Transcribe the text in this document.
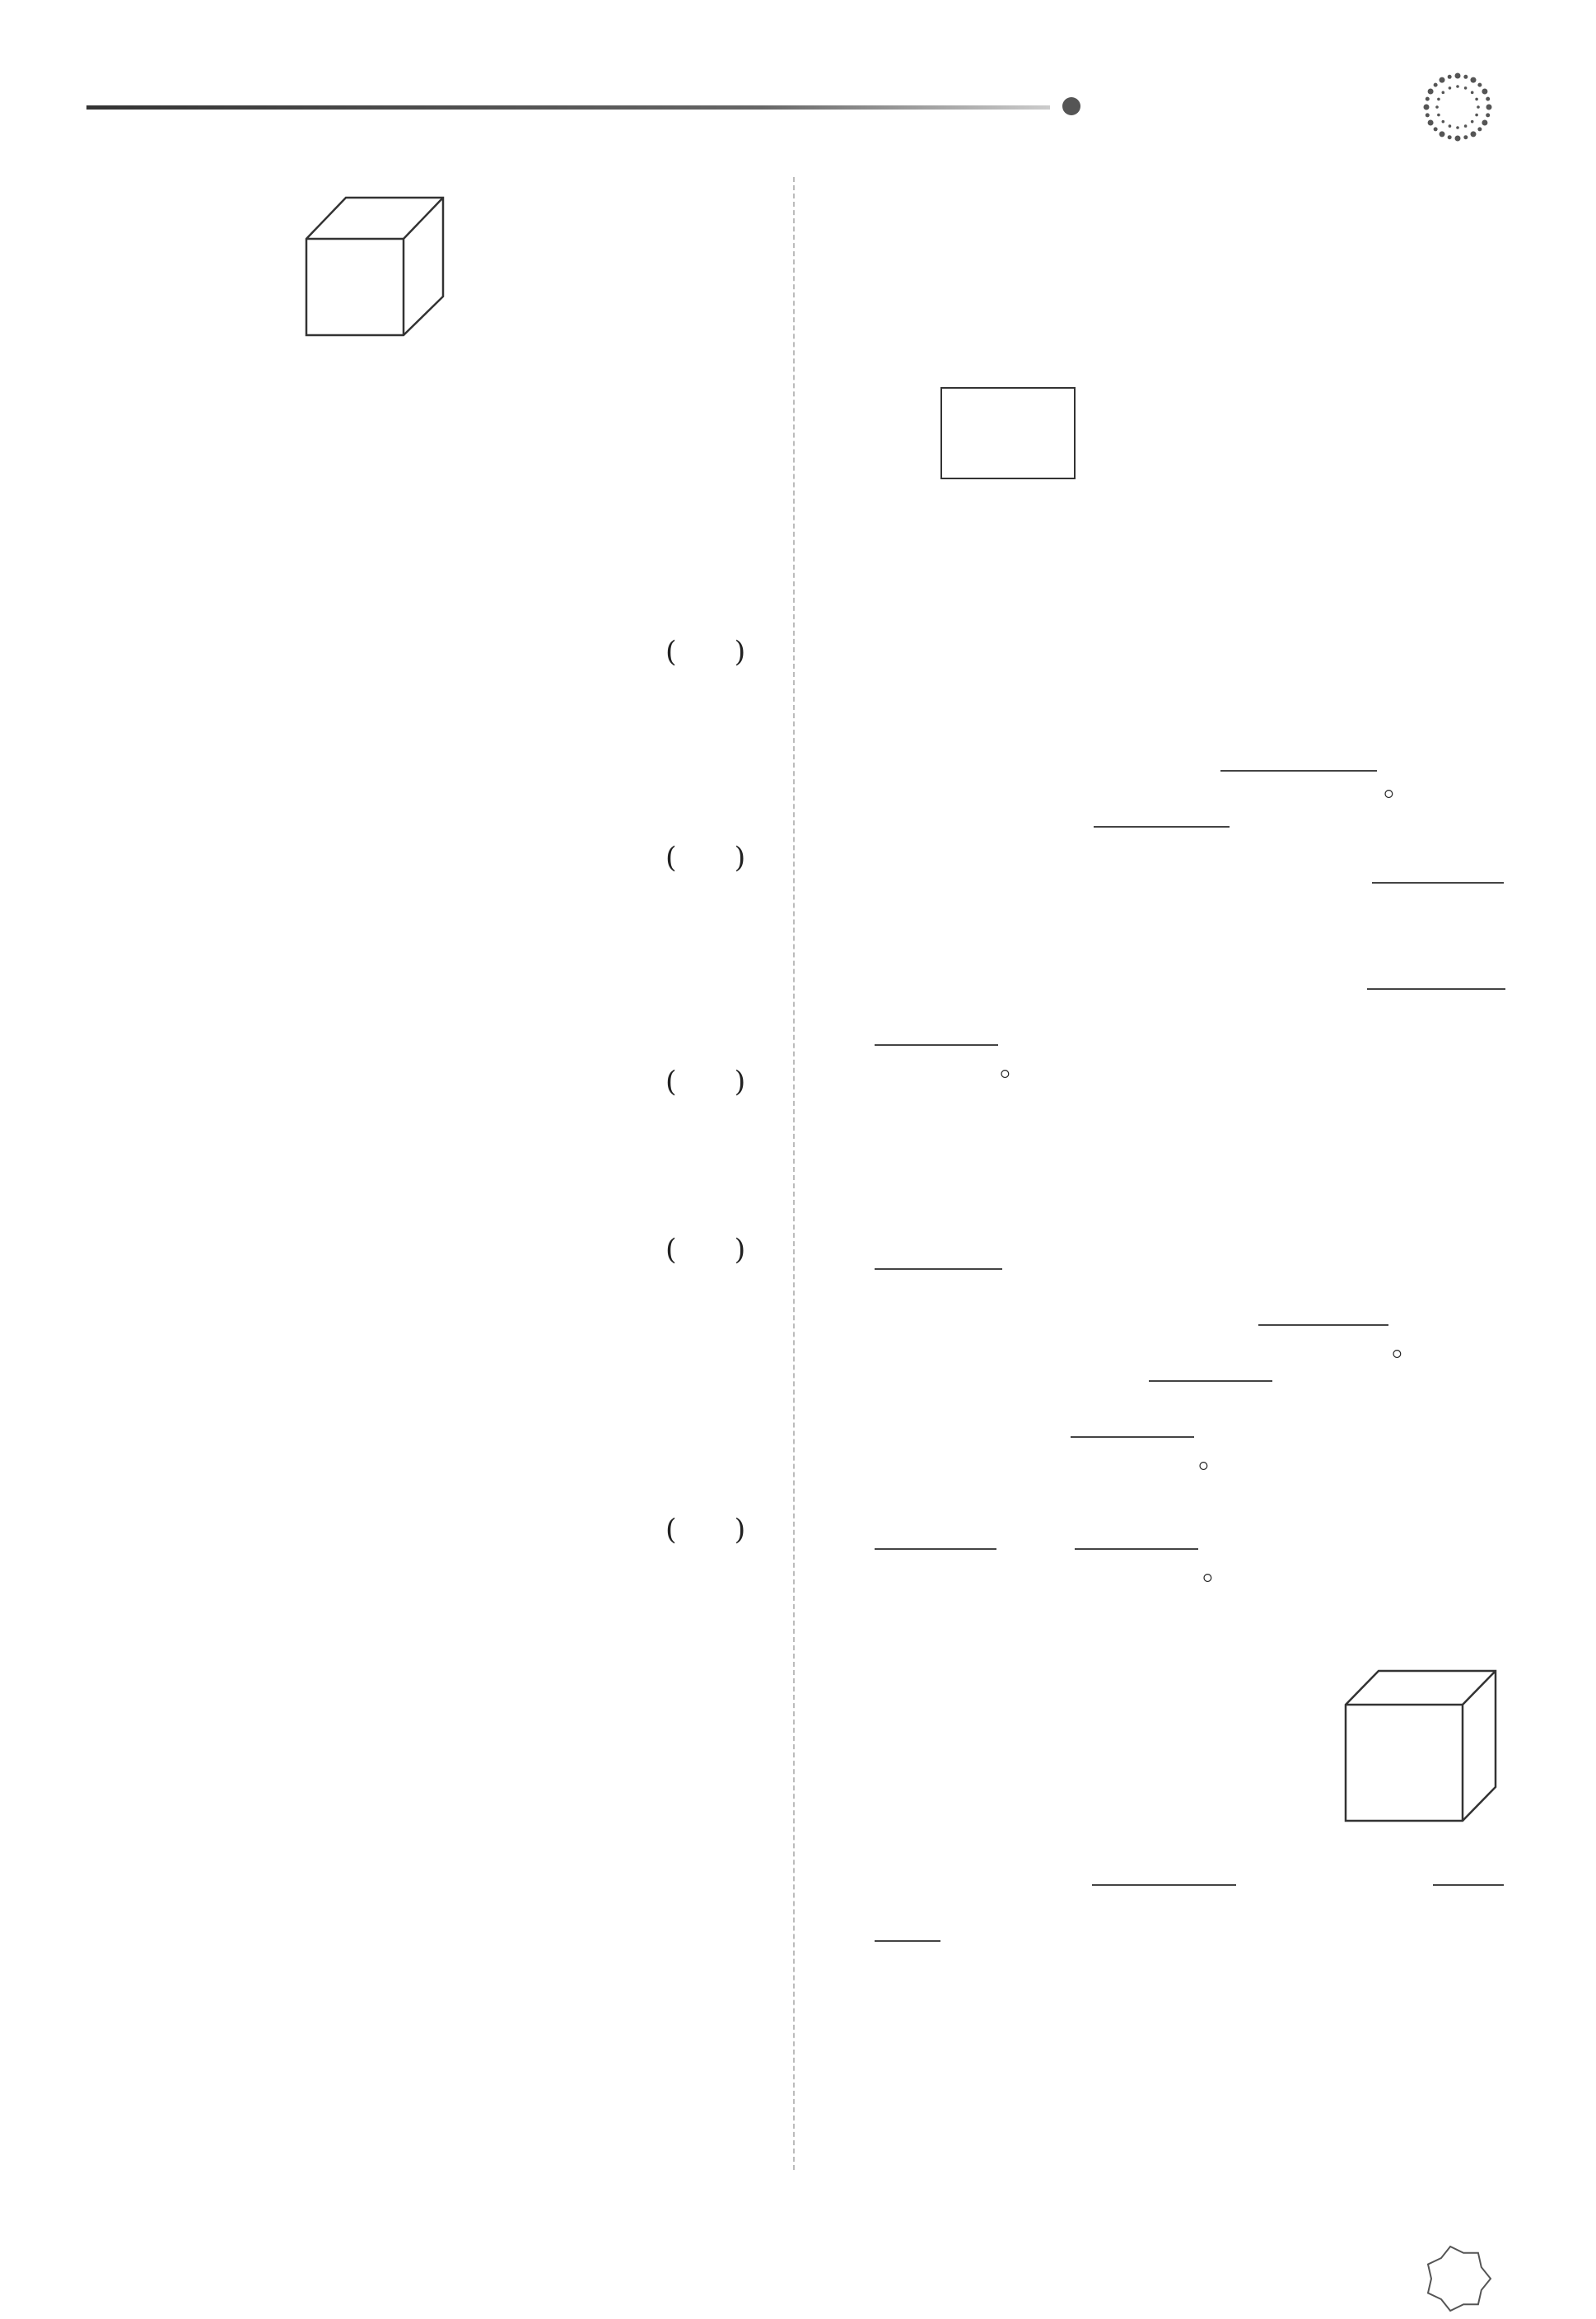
( )
( )
( )
( )
( )
。
。
。
。
。
